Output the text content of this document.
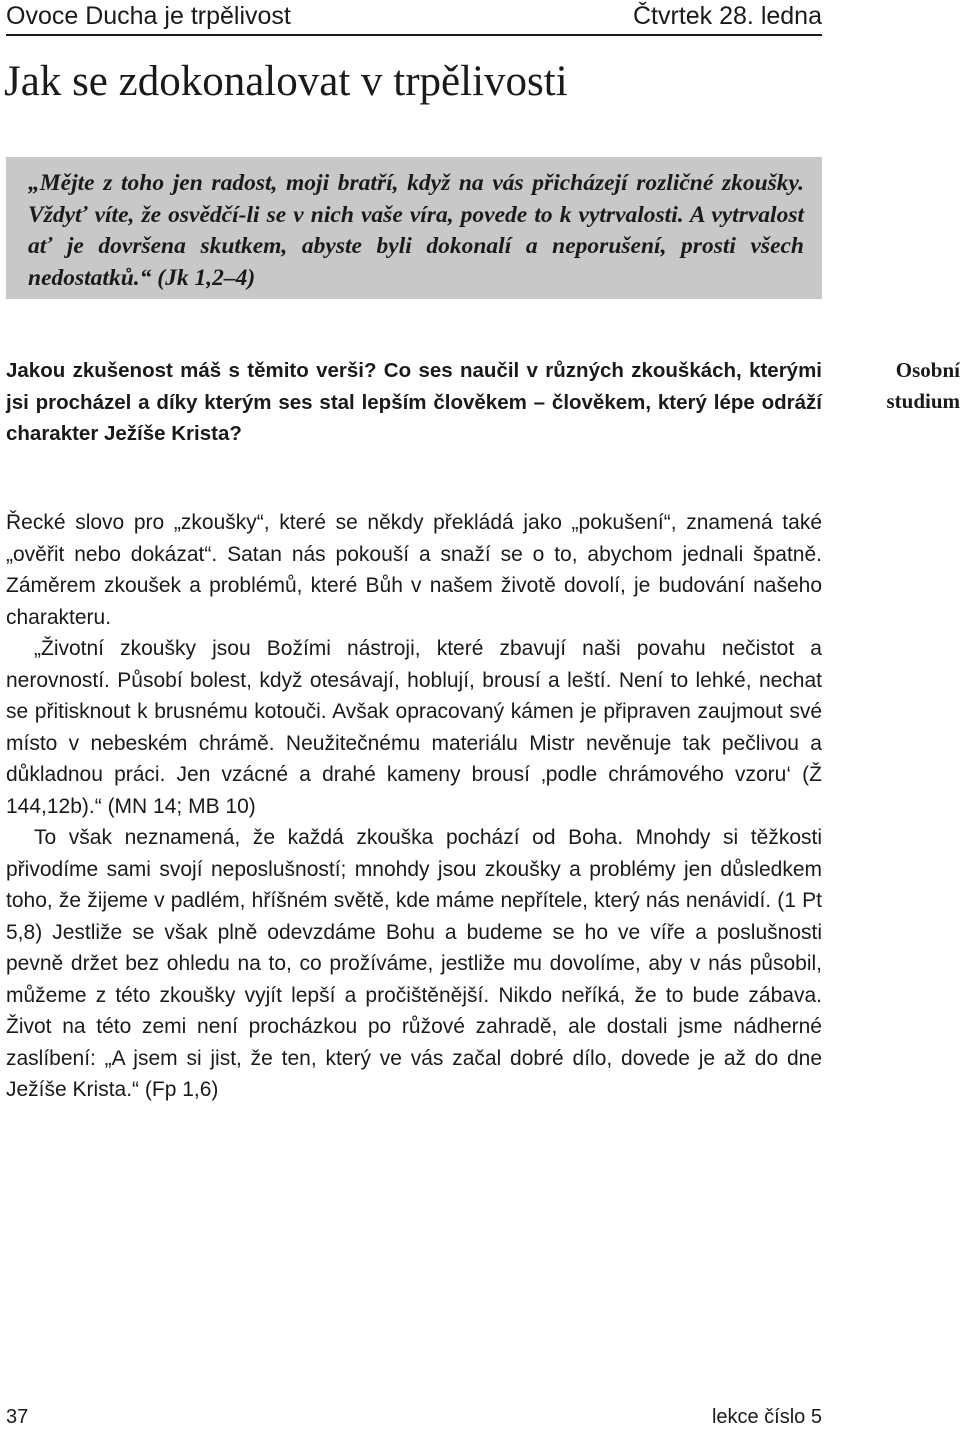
Ovoce Ducha je trpělivost	Čtvrtek 28. ledna
Jak se zdokonalovat v trpělivosti

„Mějte z toho jen radost, moji bratří, když na vás přicházejí rozličné zkoušky. Vždyť víte, že osvědčí-li se v nich vaše víra, povede to k vytrvalosti. A vytrvalost ať je dovršena skutkem, abyste byli dokonalí a neporušení, prosti všech nedostatků.“ (Jk 1,2–4)

Jakou zkušenost máš s těmito verši? Co ses naučil v různých zkouškách, kterými jsi procházel a díky kterým ses stal lepším člověkem – člověkem, který lépe odráží charakter Ježíše Krista?

Osobní
studium

Řecké slovo pro „zkoušky“, které se někdy překládá jako „pokušení“, znamená také „ověřit nebo dokázat“. Satan nás pokouší a snaží se o to, abychom jednali špatně. Záměrem zkoušek a problémů, které Bůh v našem životě dovolí, je budování našeho charakteru.

„Životní zkoušky jsou Božími nástroji, které zbavují naši povahu nečistot a nerovností. Působí bolest, když otesávají, hoblují, brousí a leští. Není to lehké, nechat se přitisknout k brusnému kotouči. Avšak opracovaný kámen je připraven zaujmout své místo v nebeském chrámě. Neužitečnému materiálu Mistr nevěnuje tak pečlivou a důkladnou práci. Jen vzácné a drahé kameny brousí ‚podle chrámového vzoru‘ (Ž 144,12b).“ (MN 14; MB 10)

To však neznamená, že každá zkouška pochází od Boha. Mnohdy si těžkosti přivodíme sami svojí neposlušností; mnohdy jsou zkoušky a problémy jen důsledkem toho, že žijeme v padlém, hříšném světě, kde máme nepřítele, který nás nenávidí. (1 Pt 5,8) Jestliže se však plně odevzdáme Bohu a budeme se ho ve víře a poslušnosti pevně držet bez ohledu na to, co prožíváme, jestliže mu dovolíme, aby v nás působil, můžeme z této zkoušky vyjít lepší a pročištěnější. Nikdo neříká, že to bude zábava. Život na této zemi není procházkou po růžové zahradě, ale dostali jsme nádherné zaslíbení: „A jsem si jist, že ten, který ve vás začal dobré dílo, dovede je až do dne Ježíše Krista.“ (Fp 1,6)

37	lekce číslo 5
